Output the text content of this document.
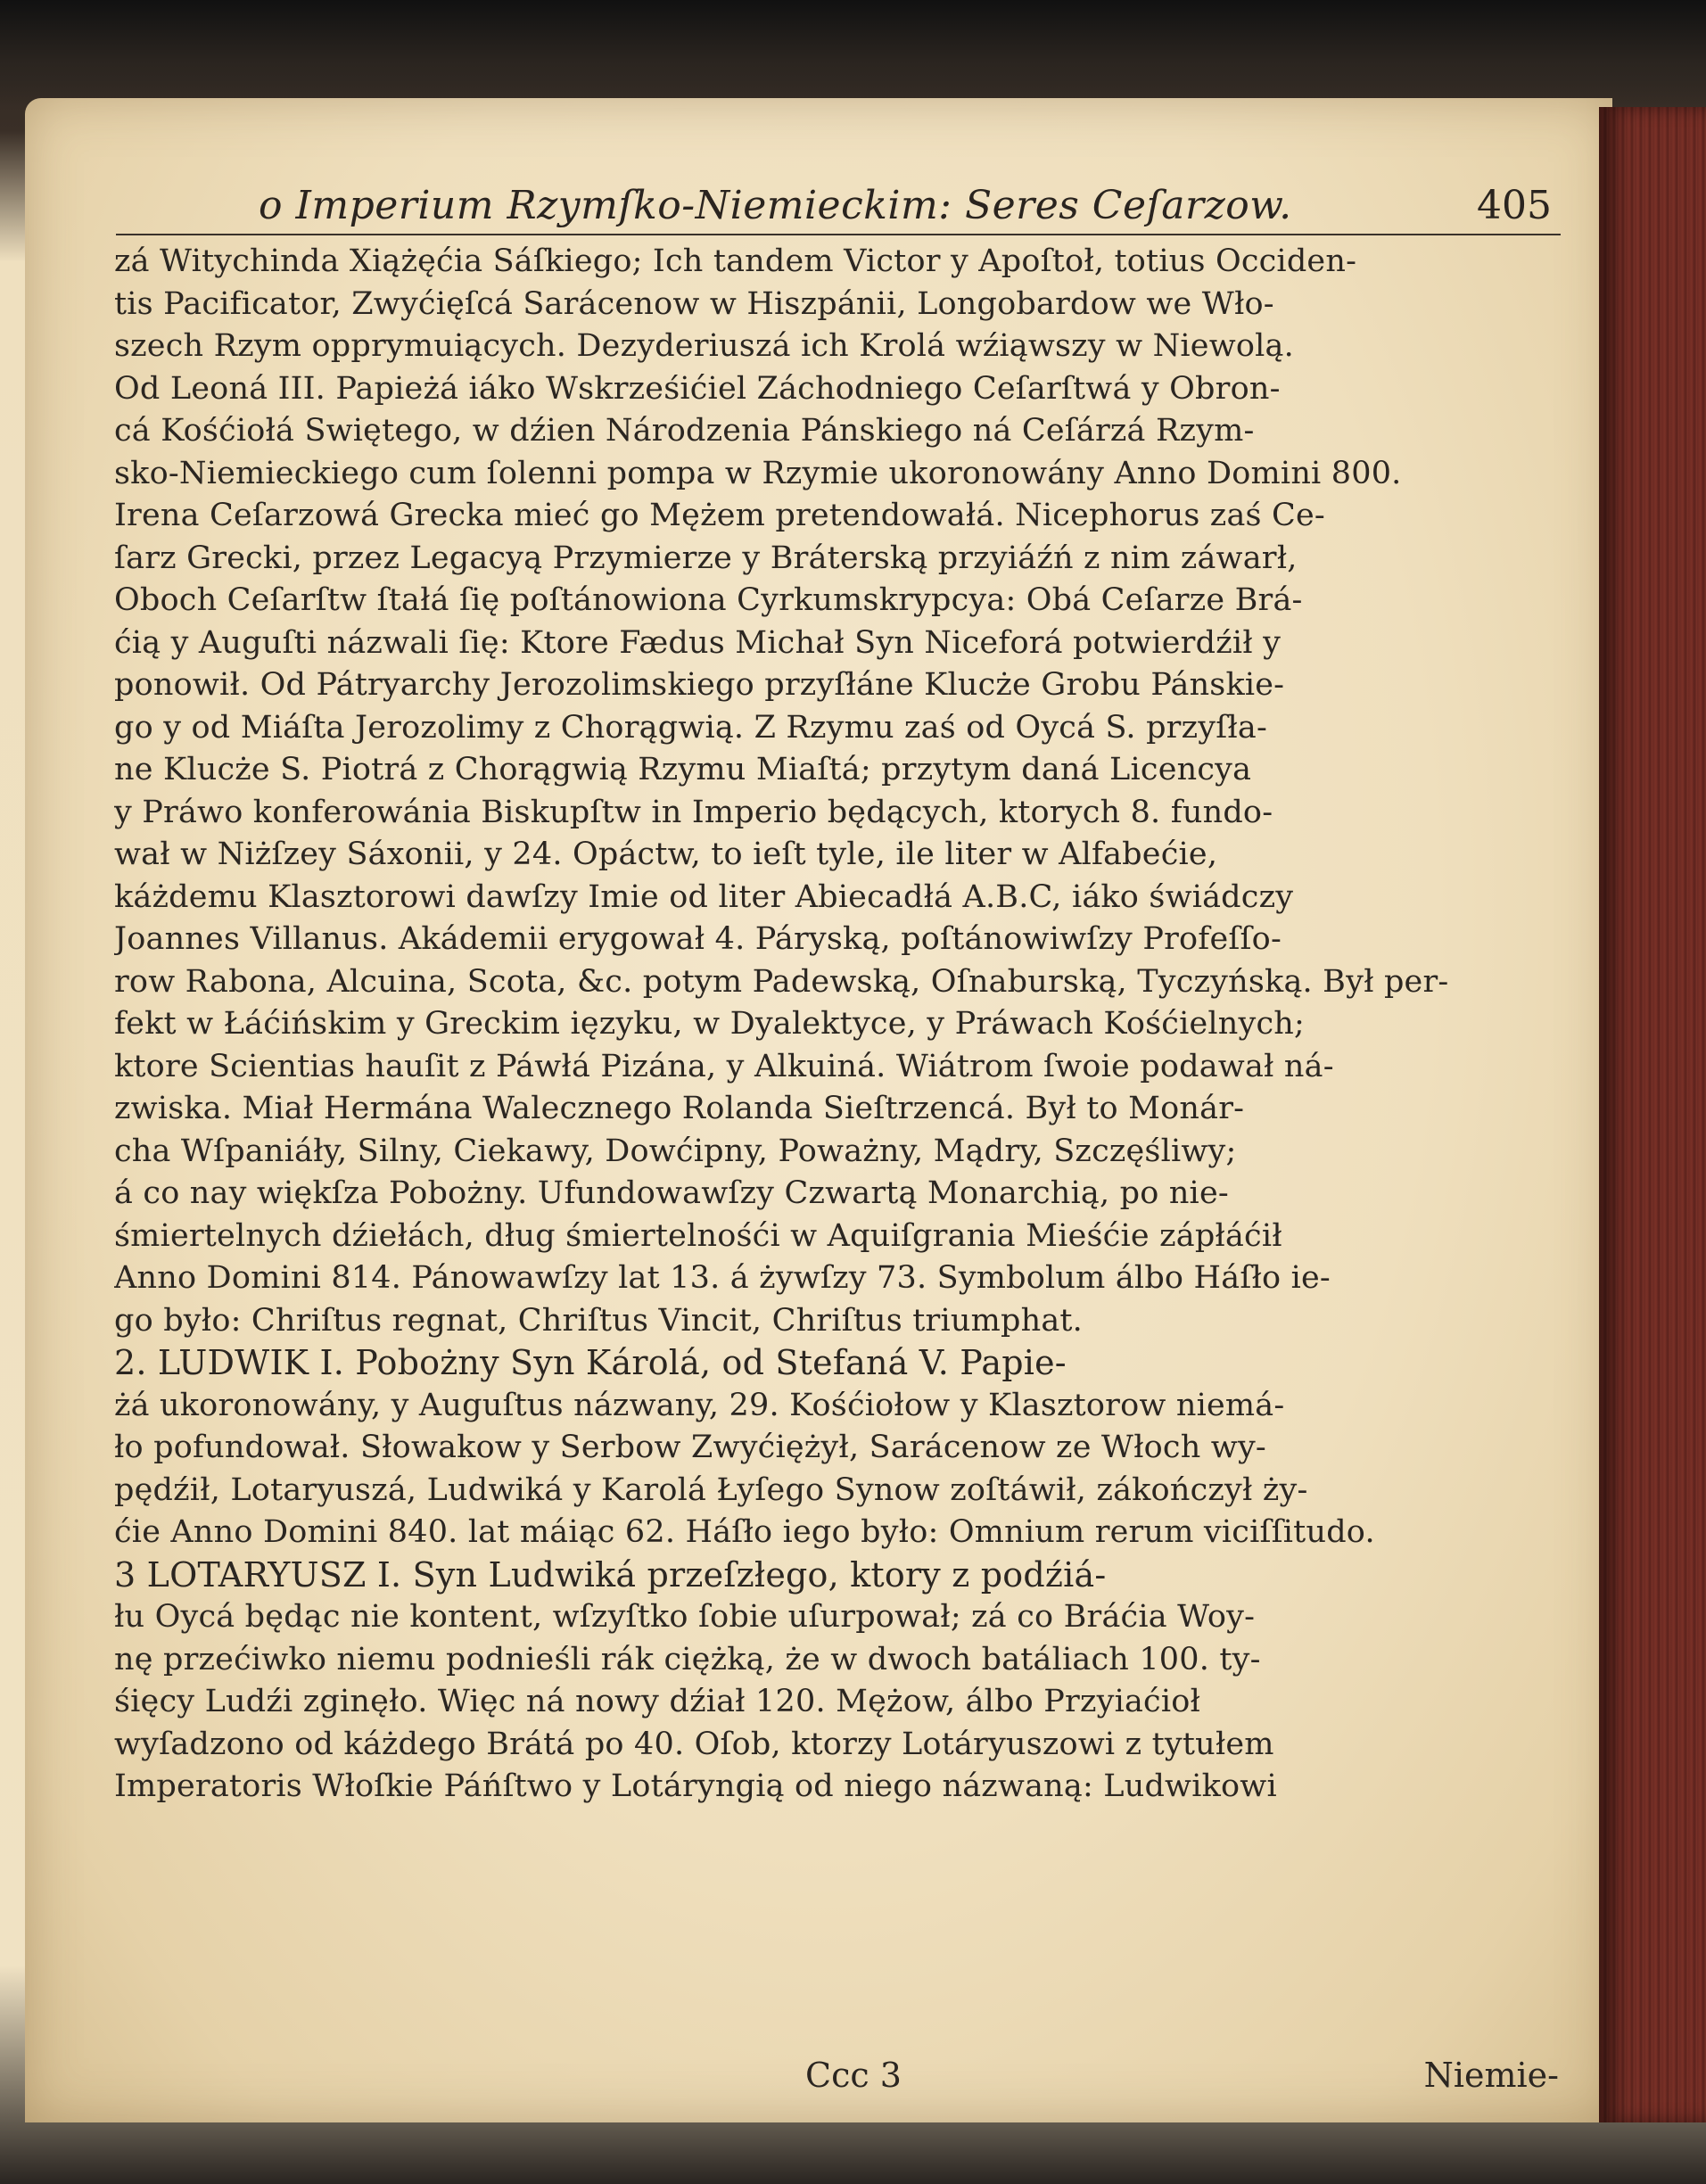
o Imperium Rzymſko-Niemieckim: Seres Ceſarzow.	405
zá Witychinda Xiążęćia Sáſkiego; Ich tandem Victor y Apoſtoł, totius Occiden-
tis Pacificator, Zwyćięſcá Sarácenow w Hiszpánii, Longobardow we Wło-
szech Rzym opprymuiących. Dezyderiuszá ich Krolá wźiąwszy w Niewolą.
Od Leoná III. Papieżá iáko Wskrześićiel Záchodniego Ceſarſtwá y Obron-
cá Kośćiołá Swiętego, w dźien Národzenia Pánskiego ná Ceſárzá Rzym-
sko-Niemieckiego cum ſolenni pompa w Rzymie ukoronowány Anno Domini 800.
Irena Ceſarzowá Grecka mieć go Mężem pretendowałá. Nicephorus zaś Ce-
ſarz Grecki, przez Legacyą Przymierze y Bráterską przyiáźń z nim záwarł,
Oboch Ceſarſtw ſtałá ſię poſtánowiona Cyrkumskrypcya: Obá Ceſarze Brá-
ćią y Auguſti názwali ſię: Ktore Fædus Michał Syn Niceforá potwierdźił y
ponowił. Od Pátryarchy Jerozolimskiego przyſłáne Klucże Grobu Pánskie-
go y od Miáſta Jerozolimy z Chorągwią. Z Rzymu zaś od Oycá S. przyſła-
ne Klucże S. Piotrá z Chorągwią Rzymu Miaſtá; przytym daná Licencya
y Práwo konferowánia Biskupſtw in Imperio będących, ktorych 8. fundo-
wał w Niżſzey Sáxonii, y 24. Opáctw, to ieſt tyle, ile liter w Alfabećie,
káżdemu Klasztorowi dawſzy Imie od liter Abiecadłá A.B.C, iáko świádczy
Joannes Villanus. Akádemii erygował 4. Páryską, poſtánowiwſzy Profeſſo-
row Rabona, Alcuina, Scota, &c. potym Padewską, Oſnaburską, Tyczyńską. Był per-
fekt w Łáćińskim y Greckim ięzyku, w Dyalektyce, y Práwach Kośćielnych;
ktore Scientias hauſit z Páwłá Pizána, y Alkuiná. Wiátrom ſwoie podawał ná-
zwiska. Miał Hermána Walecznego Rolanda Sieſtrzencá. Był to Monár-
cha Wſpaniáły, Silny, Ciekawy, Dowćipny, Poważny, Mądry, Szczęśliwy;
á co nay więkſza Pobożny. Ufundowawſzy Czwartą Monarchią, po nie-
śmiertelnych dźiełách, dług śmiertelnośći w Aquiſgrania Mieśćie zápłáćił
Anno Domini 814. Pánowawſzy lat 13. á żywſzy 73. Symbolum álbo Háſło ie-
go było: Chriſtus regnat, Chriſtus Vincit, Chriſtus triumphat.
2. LUDWIK I. Pobożny Syn Károlá, od Stefaná V. Papie-
żá ukoronowány, y Auguſtus názwany, 29. Kośćiołow y Klasztorow niemá-
ło pofundował. Słowakow y Serbow Zwyćiężył, Sarácenow ze Włoch wy-
pędźił, Lotaryuszá, Ludwiká y Karolá Łyſego Synow zoſtáwił, zákończył ży-
ćie Anno Domini 840. lat máiąc 62. Háſło iego było: Omnium rerum viciſſitudo.
3 LOTARYUSZ I. Syn Ludwiká przeſzłego, ktory z podźiá-
łu Oycá będąc nie kontent, wſzyſtko ſobie uſurpował; zá co Bráćia Woy-
nę przećiwko niemu podnieśli rák ciężką, że w dwoch batáliach 100. ty-
śięcy Ludźi zginęło. Więc ná nowy dźiał 120. Mężow, álbo Przyiaćioł
wyſadzono od káżdego Brátá po 40. Oſob, ktorzy Lotáryuszowi z tytułem
Imperatoris Włoſkie Páńſtwo y Lotáryngią od niego názwaną: Ludwikowi
Ccc 3	Niemie-
